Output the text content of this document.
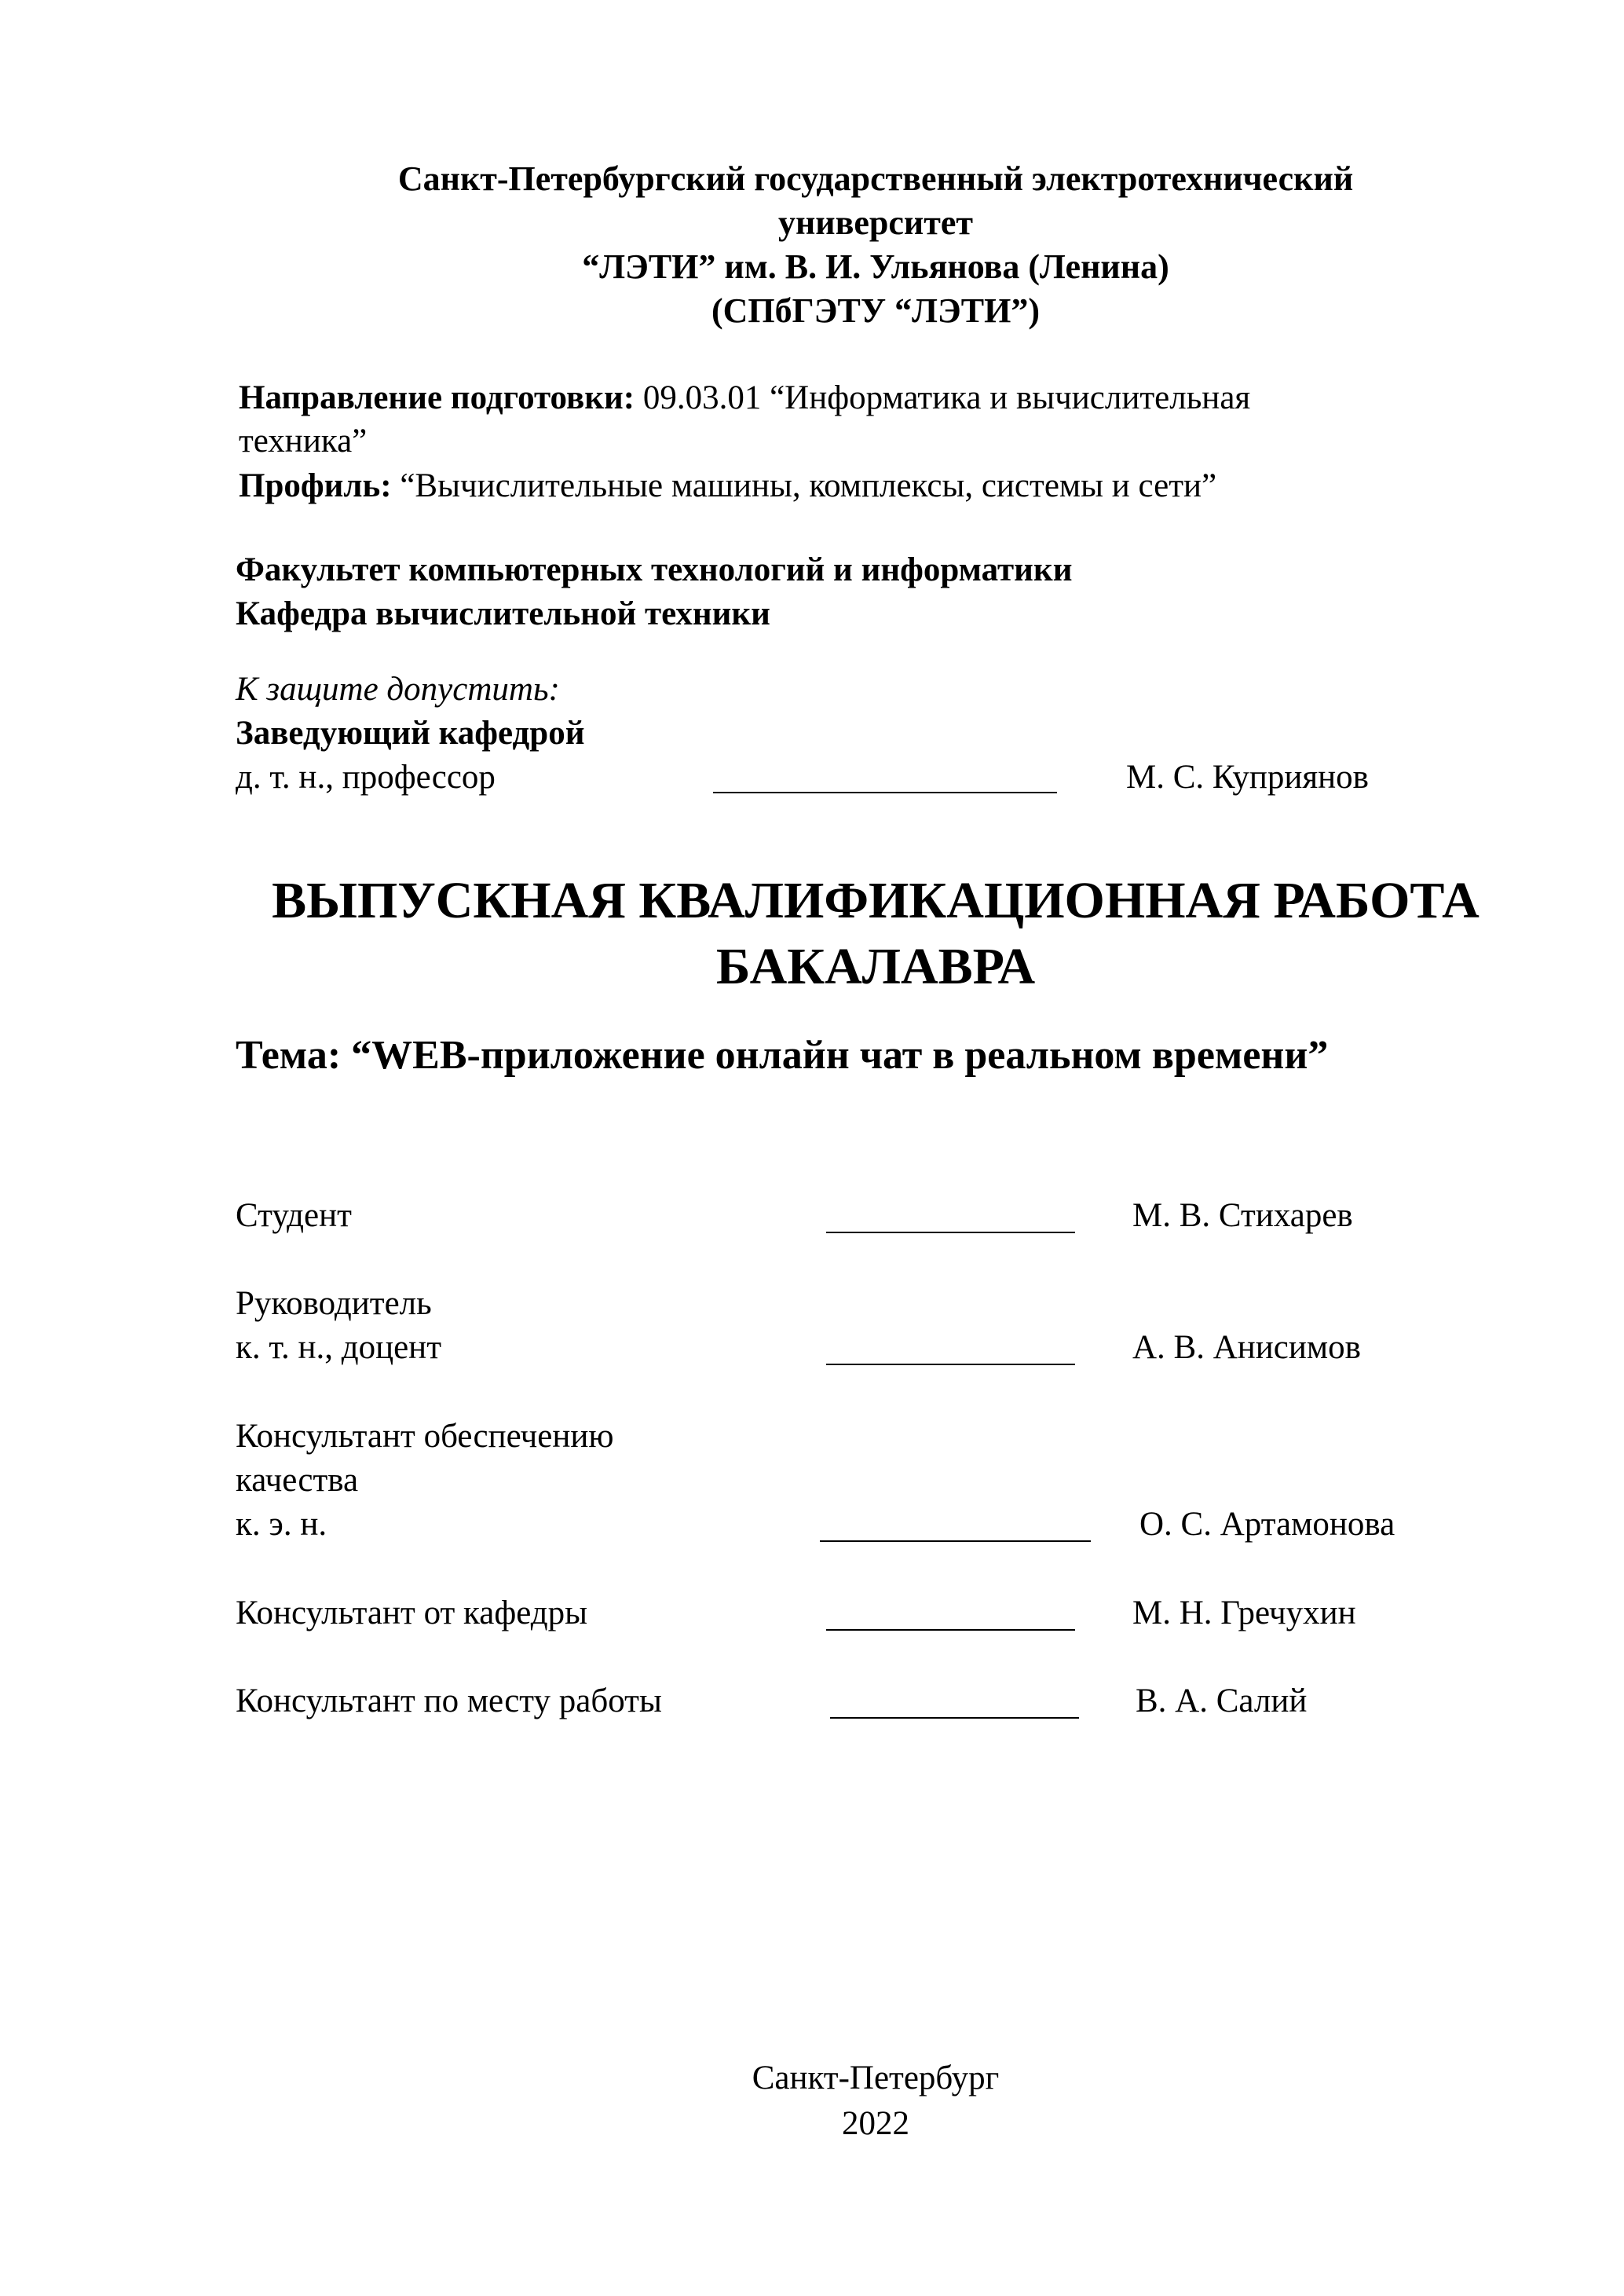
Санкт-Петербургский государственный электротехнический
университет
“ЛЭТИ” им. В. И. Ульянова (Ленина)
(СПбГЭТУ “ЛЭТИ”)
Направление подготовки: 09.03.01 “Информатика и вычислительная
техника”
Профиль: “Вычислительные машины, комплексы, системы и сети”
Факультет компьютерных технологий и информатики
Кафедра вычислительной техники
К защите допустить:
Заведующий кафедрой
д. т. н., профессор	М. С. Куприянов
ВЫПУСКНАЯ КВАЛИФИКАЦИОННАЯ РАБОТА
БАКАЛАВРА
Тема: “WEB-приложение онлайн чат в реальном времени”
Студент	М. В. Стихарев
Руководитель
к. т. н., доцент	А. В. Анисимов
Консультант обеспечению
качества
к. э. н.	О. С. Артамонова
Консультант от кафедры	М. Н. Гречухин
Консультант по месту работы	В. А. Салий
Санкт-Петербург
2022
